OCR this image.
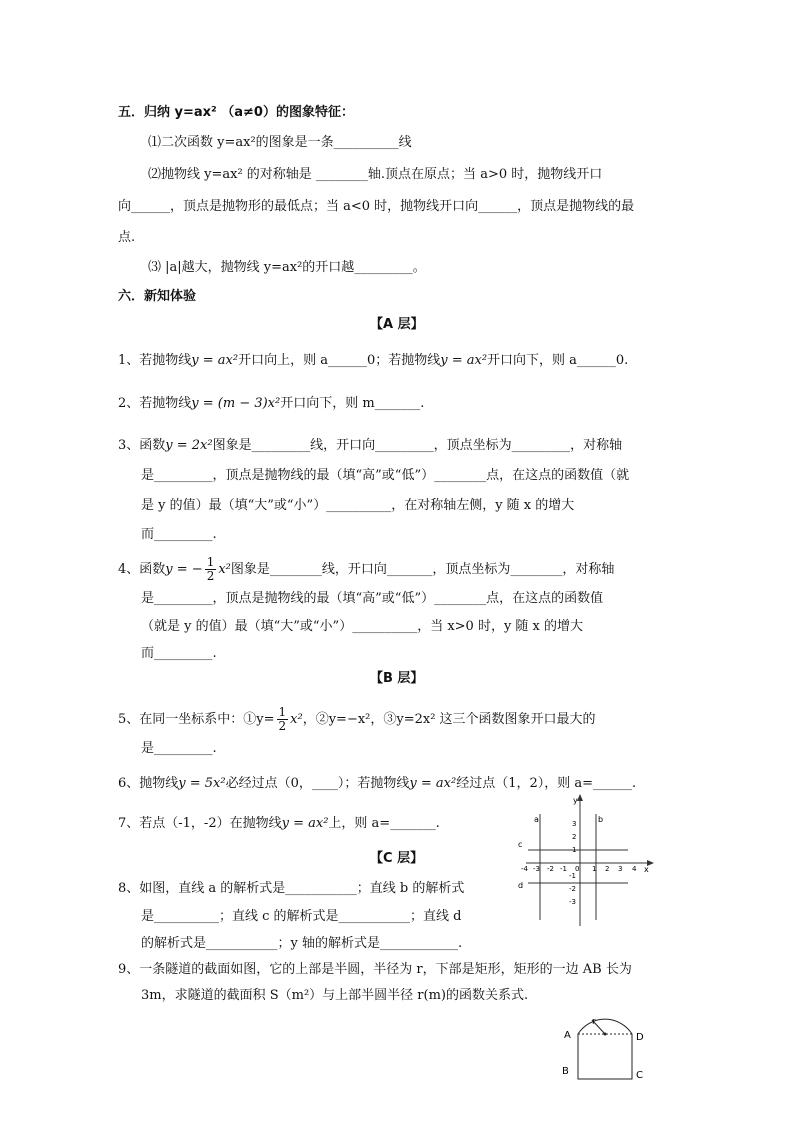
五．归纳 y=ax² （a≠0）的图象特征：
⑴二次函数 y=ax²的图象是一条__________线
⑵抛物线 y=ax² 的对称轴是 ________轴.顶点在原点；当 a>0 时，抛物线开口
向______，顶点是抛物形的最低点；当 a<0 时，抛物线开口向______，顶点是抛物线的最
点.
⑶ |a|越大，抛物线 y=ax²的开口越_________。
六．新知体验
【A 层】
1、若抛物线y = ax²开口向上，则 a______0；若抛物线y = ax²开口向下，则 a______0.
2、若抛物线y = (m − 3)x²开口向下，则 m_______.
3、函数y = 2x²图象是_________线，开口向_________，顶点坐标为_________，对称轴
是_________，顶点是抛物线的最（填“高”或“低”）________点，在这点的函数值（就
是 y 的值）最（填“大”或“小”）__________，在对称轴左侧，y 随 x 的增大
而_________.
4、函数y = − $\frac{1}{2} x^2$图象是________线，开口向_______，顶点坐标为________，对称轴
是_________，顶点是抛物线的最（填“高”或“低”）________点，在这点的函数值
（就是 y 的值）最（填“大”或“小”）__________，当 x>0 时，y 随 x 的增大
而_________.
【B 层】
5、在同一坐标系中：①y= $\frac{1}{2} x^2$，②y=−x²，③y=2x² 这三个函数图象开口最大的
是_________.
6、抛物线y = 5x²必经过点（0，____）；若抛物线y = ax²经过点（1，2），则 a=______.
7、若点（-1，-2）在抛物线y = ax²上，则 a=_______.
【C 层】
8、如图，直线 a 的解析式是___________；直线 b 的解析式
是__________；直线 c 的解析式是___________；直线 d
的解析式是___________；y 轴的解析式是____________.
9、一条隧道的截面如图，它的上部是半圆，半径为 r，下部是矩形，矩形的一边 AB 长为
3m，求隧道的截面积 S（m²）与上部半圆半径 r(m)的函数关系式.
y
x
a	b
c
d
-4 -3 -2 -1 0 1 2 3 4
3
2
1
-1
-2
-3
r
A	D
B	C
